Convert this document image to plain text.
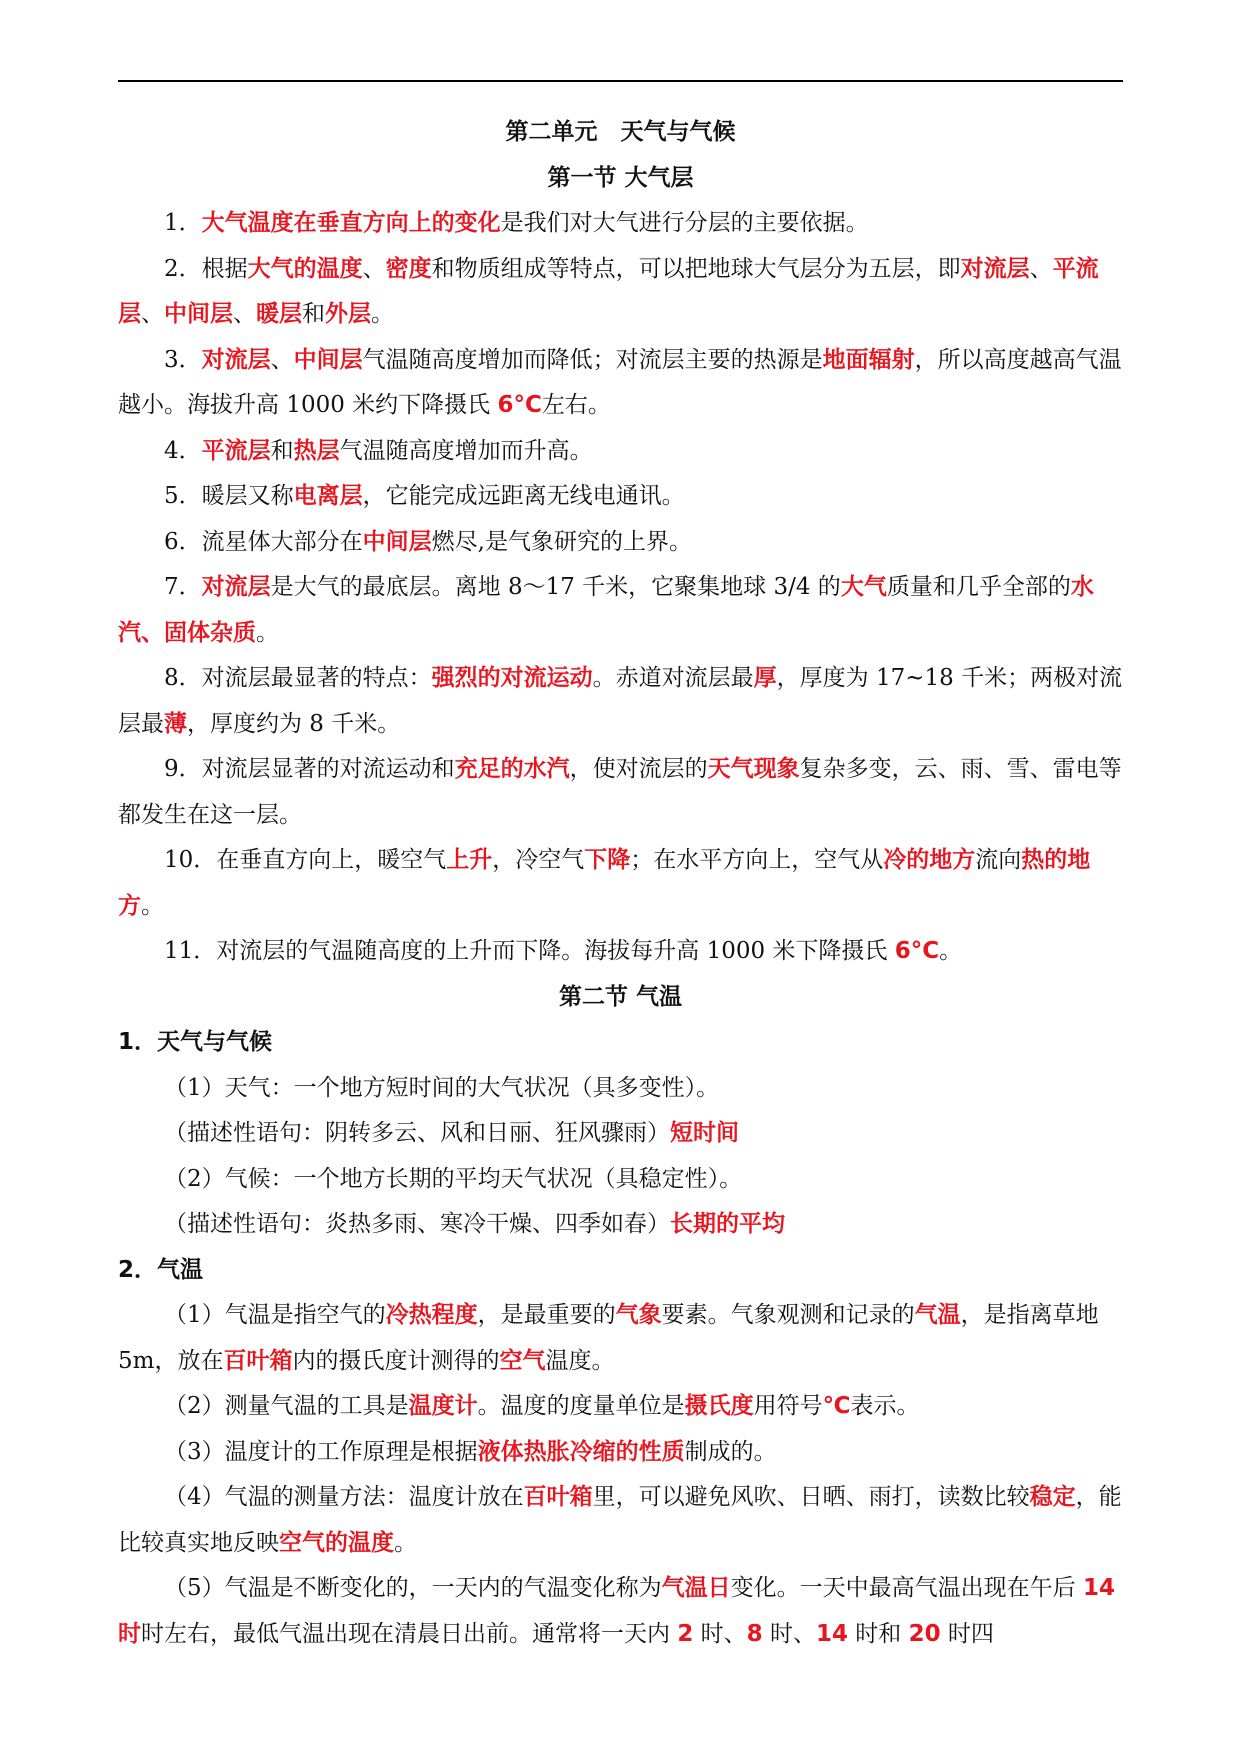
第二单元　天气与气候

第一节 大气层

1．大气温度在垂直方向上的变化是我们对大气进行分层的主要依据。

2．根据大气的温度、密度和物质组成等特点，可以把地球大气层分为五层，即对流层、平流层、中间层、暖层和外层。

3．对流层、中间层气温随高度增加而降低；对流层主要的热源是地面辐射，所以高度越高气温越小。海拔升高 1000 米约下降摄氏 6°C左右。

4．平流层和热层气温随高度增加而升高。

5．暖层又称电离层，它能完成远距离无线电通讯。

6．流星体大部分在中间层燃尽,是气象研究的上界。

7．对流层是大气的最底层。离地 8～17 千米，它聚集地球 3/4 的大气质量和几乎全部的水汽、固体杂质。

8．对流层最显著的特点：强烈的对流运动。赤道对流层最厚，厚度为 17~18 千米；两极对流层最薄，厚度约为 8 千米。

9．对流层显著的对流运动和充足的水汽，使对流层的天气现象复杂多变，云、雨、雪、雷电等都发生在这一层。

10．在垂直方向上，暖空气上升，冷空气下降；在水平方向上，空气从冷的地方流向热的地方。

11．对流层的气温随高度的上升而下降。海拔每升高 1000 米下降摄氏 6°C。

第二节 气温

1．天气与气候

（1）天气：一个地方短时间的大气状况（具多变性）。

（描述性语句：阴转多云、风和日丽、狂风骤雨）短时间

（2）气候：一个地方长期的平均天气状况（具稳定性）。

（描述性语句：炎热多雨、寒冷干燥、四季如春）长期的平均

2．气温

（1）气温是指空气的冷热程度，是最重要的气象要素。气象观测和记录的气温，是指离草地 5m，放在百叶箱内的摄氏度计测得的空气温度。

（2）测量气温的工具是温度计。温度的度量单位是摄氏度用符号℃表示。

（3）温度计的工作原理是根据液体热胀冷缩的性质制成的。

（4）气温的测量方法：温度计放在百叶箱里，可以避免风吹、日晒、雨打，读数比较稳定，能比较真实地反映空气的温度。

（5）气温是不断变化的，一天内的气温变化称为气温日变化。一天中最高气温出现在午后 14 时时左右，最低气温出现在清晨日出前。通常将一天内 2 时、8 时、14 时和 20 时四
